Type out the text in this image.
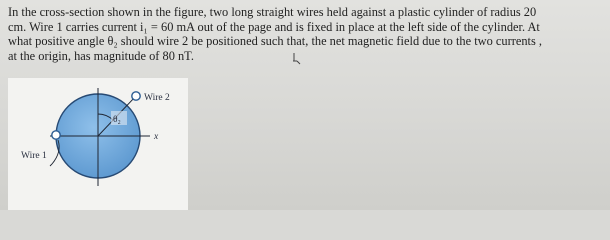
In the cross-section shown in the figure, two long straight wires held against a plastic cylinder of radius 20
cm. Wire 1 carries current i₁ = 60 mA out of the page and is fixed in place at the left side of the cylinder. At
what positive angle θ₂ should wire 2 be positioned such that, the net magnetic field due to the two currents ,
at the origin, has magnitude of 80 nT.

θ₂
Wire 2
Wire 1
x
